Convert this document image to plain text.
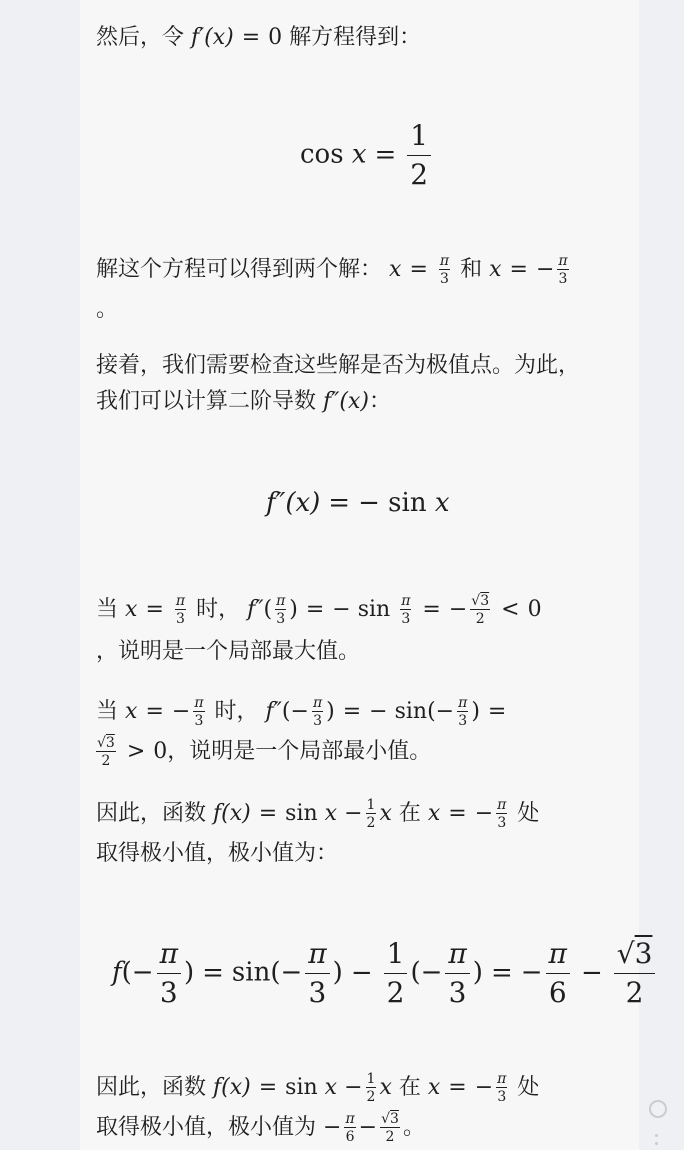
然后，令 f′(x) = 0 解方程得到：
$\cos x = \frac{1}{2}$
解这个方程可以得到两个解： $x = \frac{\pi}{3}$ 和 x = − $\frac{\pi}{3}$
。
接着，我们需要检查这些解是否为极值点。为此，
我们可以计算二阶导数 f″(x)：
f″(x) = − sin x
当 $x = \frac{\pi}{3}$ 时， $f''( \frac{\pi}{3}$ ) = − $\sin \frac{\pi}{3}$ = − $\frac{√3}{2} < 0$
，说明是一个局部最大值。
当 x = − $\frac{\pi}{3}$ 时， $f''(- \frac{\pi}{3}$ ) = − $\sin(- \frac{\pi}{3}$ ) =
$\frac{√3}{2} > 0$，说明是一个局部最小值。
因此，函数 $f(x) = \sin x - \frac{1}{2}$ x 在 x = − $\frac{\pi}{3}$ 处
取得极小值，极小值为：
$f(- \frac{\pi}{3}$ ) = $\sin(- \frac{\pi}{3}$ ) − $\frac{1}{2}$ (− $\frac{\pi}{3}$ ) = − $\frac{\pi}{6} - \frac{√3}{2}$
因此，函数 $f(x) = \sin x - \frac{1}{2}$ x 在 x = − $\frac{\pi}{3}$ 处
取得极小值，极小值为 − $\frac{\pi}{6} - \frac{√3}{2}$ 。
